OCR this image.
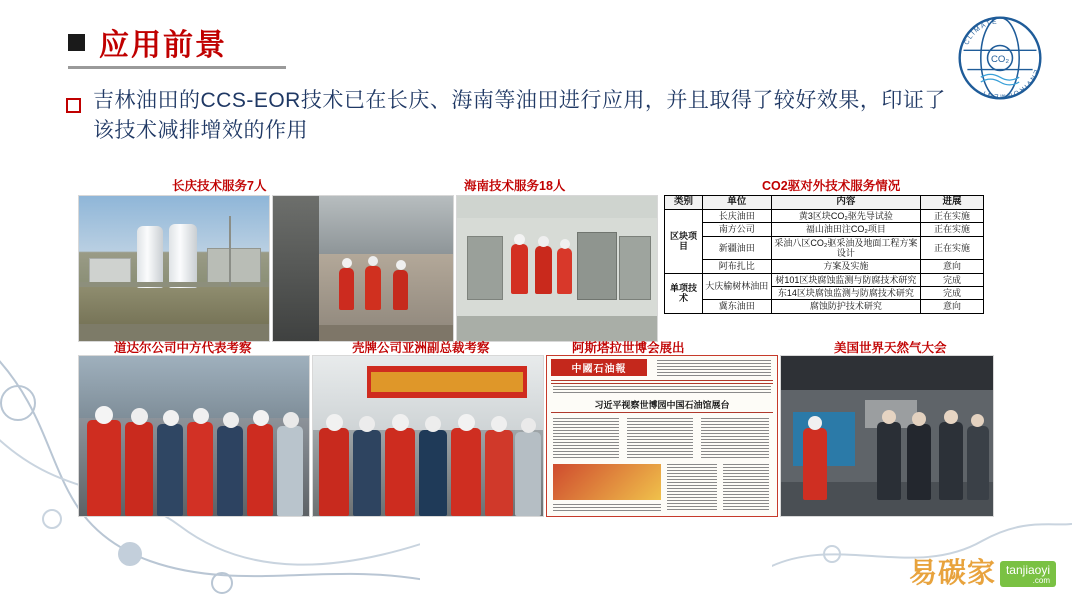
CO₂
CLIMATE
ENVIRONMENT
应用前景
吉林油田的CCS-EOR技术已在长庆、海南等油田进行应用，并且取得了较好效果，印证了该技术减排增效的作用
长庆技术服务7人	海南技术服务18人	CO2驱对外技术服务情况
类别	单位	内容	进展
区块项目	长庆油田	黄3区块CO₂驱先导试验	正在实施
	南方公司	福山油田注CO₂项目	正在实施
	新疆油田	采油八区CO₂驱采油及地面工程方案设计	正在实施
	阿布扎比	方案及实施	意向
单项技术	大庆榆树林油田	树101区块腐蚀监测与防腐技术研究	完成
		东14区块腐蚀监测与防腐技术研究	完成
	冀东油田	腐蚀防护技术研究	意向
道达尔公司中方代表考察	壳牌公司亚洲副总裁考察	阿斯塔拉世博会展出	美国世界天然气大会
中國石油報
习近平视察世博园中国石油馆展台
易碳家 tanjiaoyi
.com
